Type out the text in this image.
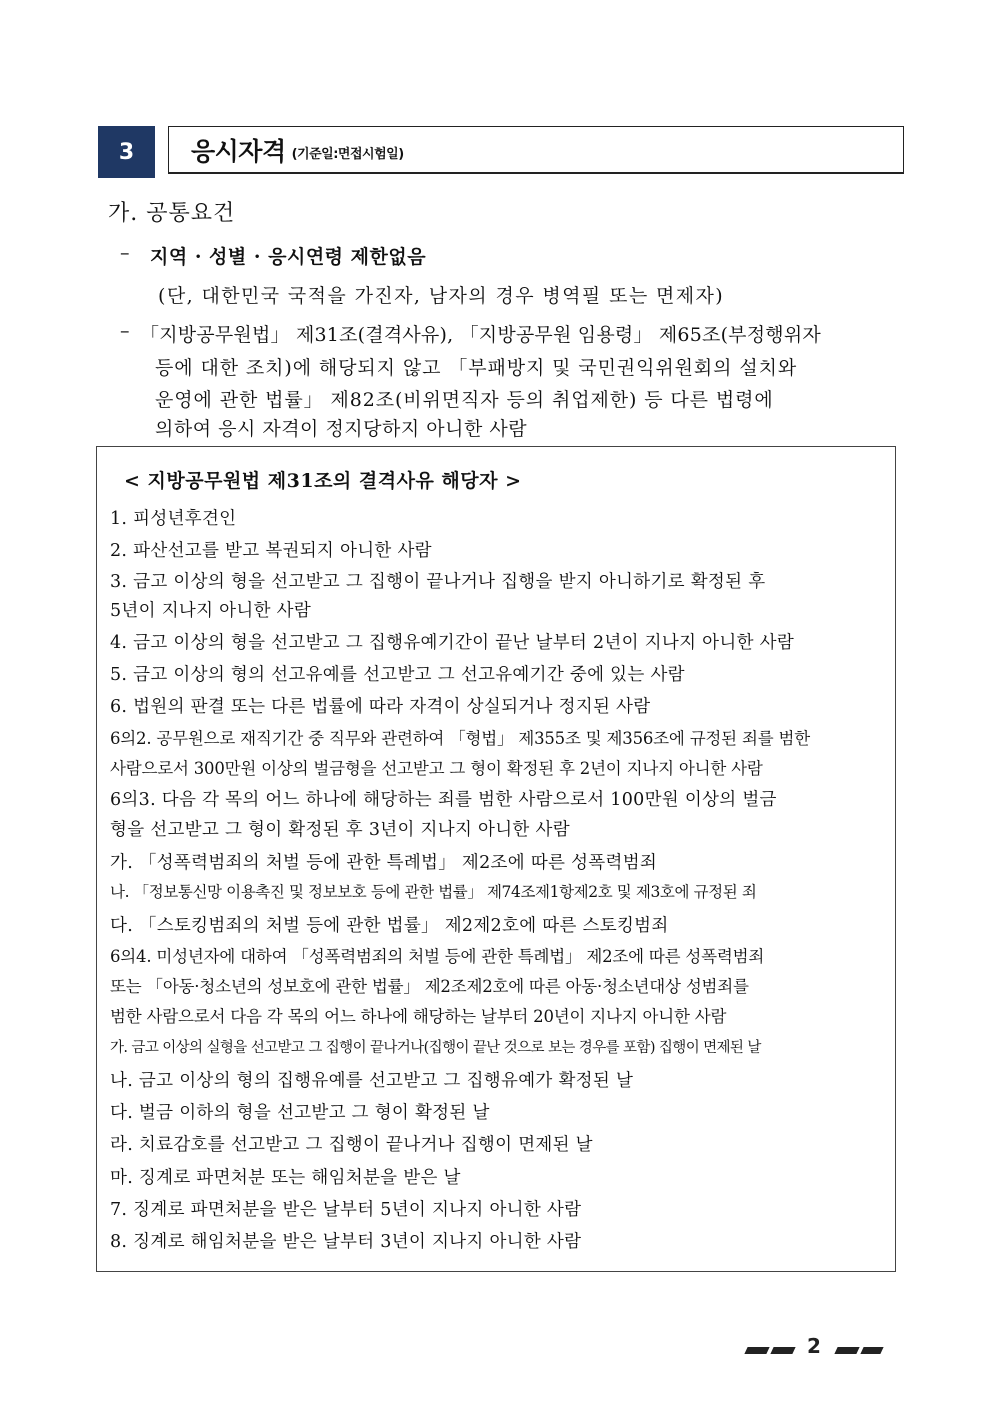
3	응시자격 (기준일:면접시험일)
가. 공통요건
– 지역 · 성별 · 응시연령 제한없음
(단, 대한민국 국적을 가진자, 남자의 경우 병역필 또는 면제자)
– 「지방공무원법」 제31조(결격사유), 「지방공무원 임용령」 제65조(부정행위자
등에 대한 조치)에 해당되지 않고 「부패방지 및 국민권익위원회의 설치와
운영에 관한 법률」 제82조(비위면직자 등의 취업제한) 등 다른 법령에
의하여 응시 자격이 정지당하지 아니한 사람
< 지방공무원법 제31조의 결격사유 해당자 >
1. 피성년후견인
2. 파산선고를 받고 복권되지 아니한 사람
3. 금고 이상의 형을 선고받고 그 집행이 끝나거나 집행을 받지 아니하기로 확정된 후
5년이 지나지 아니한 사람
4. 금고 이상의 형을 선고받고 그 집행유예기간이 끝난 날부터 2년이 지나지 아니한 사람
5. 금고 이상의 형의 선고유예를 선고받고 그 선고유예기간 중에 있는 사람
6. 법원의 판결 또는 다른 법률에 따라 자격이 상실되거나 정지된 사람
6의2. 공무원으로 재직기간 중 직무와 관련하여 「형법」 제355조 및 제356조에 규정된 죄를 범한
사람으로서 300만원 이상의 벌금형을 선고받고 그 형이 확정된 후 2년이 지나지 아니한 사람
6의3. 다음 각 목의 어느 하나에 해당하는 죄를 범한 사람으로서 100만원 이상의 벌금
형을 선고받고 그 형이 확정된 후 3년이 지나지 아니한 사람
가. 「성폭력범죄의 처벌 등에 관한 특례법」 제2조에 따른 성폭력범죄
나. 「정보통신망 이용촉진 및 정보보호 등에 관한 법률」 제74조제1항제2호 및 제3호에 규정된 죄
다. 「스토킹범죄의 처벌 등에 관한 법률」 제2제2호에 따른 스토킹범죄
6의4. 미성년자에 대하여 「성폭력범죄의 처벌 등에 관한 특례법」 제2조에 따른 성폭력범죄
또는 「아동·청소년의 성보호에 관한 법률」 제2조제2호에 따른 아동·청소년대상 성범죄를
범한 사람으로서 다음 각 목의 어느 하나에 해당하는 날부터 20년이 지나지 아니한 사람
가. 금고 이상의 실형을 선고받고 그 집행이 끝나거나(집행이 끝난 것으로 보는 경우를 포함) 집행이 면제된 날
나. 금고 이상의 형의 집행유예를 선고받고 그 집행유예가 확정된 날
다. 벌금 이하의 형을 선고받고 그 형이 확정된 날
라. 치료감호를 선고받고 그 집행이 끝나거나 집행이 면제된 날
마. 징계로 파면처분 또는 해임처분을 받은 날
7. 징계로 파면처분을 받은 날부터 5년이 지나지 아니한 사람
8. 징계로 해임처분을 받은 날부터 3년이 지나지 아니한 사람
2
